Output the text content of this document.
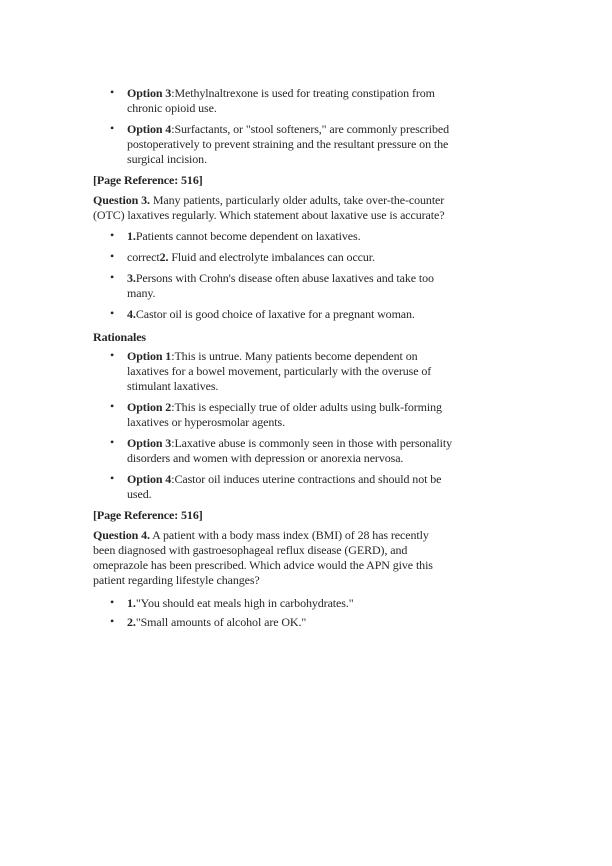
• Option 3:Methylnaltrexone is used for treating constipation from
chronic opioid use.
• Option 4:Surfactants, or "stool softeners," are commonly prescribed
postoperatively to prevent straining and the resultant pressure on the
surgical incision.

[Page Reference: 516]

Question 3. Many patients, particularly older adults, take over-the-counter
(OTC) laxatives regularly. Which statement about laxative use is accurate?
• 1.Patients cannot become dependent on laxatives.
• correct2. Fluid and electrolyte imbalances can occur.
• 3.Persons with Crohn's disease often abuse laxatives and take too
many.
• 4.Castor oil is good choice of laxative for a pregnant woman.

Rationales

• Option 1:This is untrue. Many patients become dependent on
laxatives for a bowel movement, particularly with the overuse of
stimulant laxatives.
• Option 2:This is especially true of older adults using bulk-forming
laxatives or hyperosmolar agents.
• Option 3:Laxative abuse is commonly seen in those with personality
disorders and women with depression or anorexia nervosa.
• Option 4:Castor oil induces uterine contractions and should not be
used.

[Page Reference: 516]

Question 4. A patient with a body mass index (BMI) of 28 has recently
been diagnosed with gastroesophageal reflux disease (GERD), and
omeprazole has been prescribed. Which advice would the APN give this
patient regarding lifestyle changes?
• 1."You should eat meals high in carbohydrates."
• 2."Small amounts of alcohol are OK."
